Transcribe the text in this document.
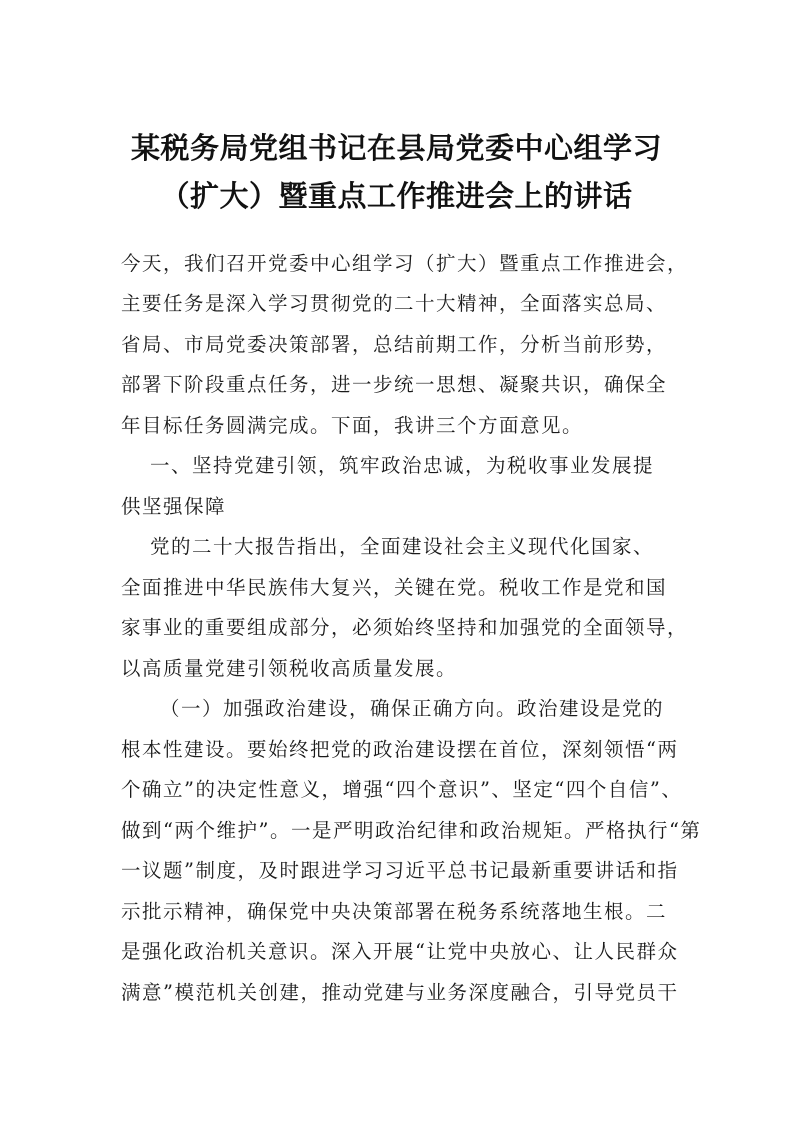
某税务局党组书记在县局党委中心组学习
（扩大）暨重点工作推进会上的讲话
今天，我们召开党委中心组学习（扩大）暨重点工作推进会，
主要任务是深入学习贯彻党的二十大精神，全面落实总局、
省局、市局党委决策部署，总结前期工作，分析当前形势，
部署下阶段重点任务，进一步统一思想、凝聚共识，确保全
年目标任务圆满完成。下面，我讲三个方面意见。
一、坚持党建引领，筑牢政治忠诚，为税收事业发展提
供坚强保障
党的二十大报告指出，全面建设社会主义现代化国家、
全面推进中华民族伟大复兴，关键在党。税收工作是党和国
家事业的重要组成部分，必须始终坚持和加强党的全面领导，
以高质量党建引领税收高质量发展。
（一）加强政治建设，确保正确方向。政治建设是党的
根本性建设。要始终把党的政治建设摆在首位，深刻领悟“两
个确立”的决定性意义，增强“四个意识”、坚定“四个自信”、
做到“两个维护”。一是严明政治纪律和政治规矩。严格执行“第
一议题”制度，及时跟进学习习近平总书记最新重要讲话和指
示批示精神，确保党中央决策部署在税务系统落地生根。二
是强化政治机关意识。深入开展“让党中央放心、让人民群众
满意”模范机关创建，推动党建与业务深度融合，引导党员干
